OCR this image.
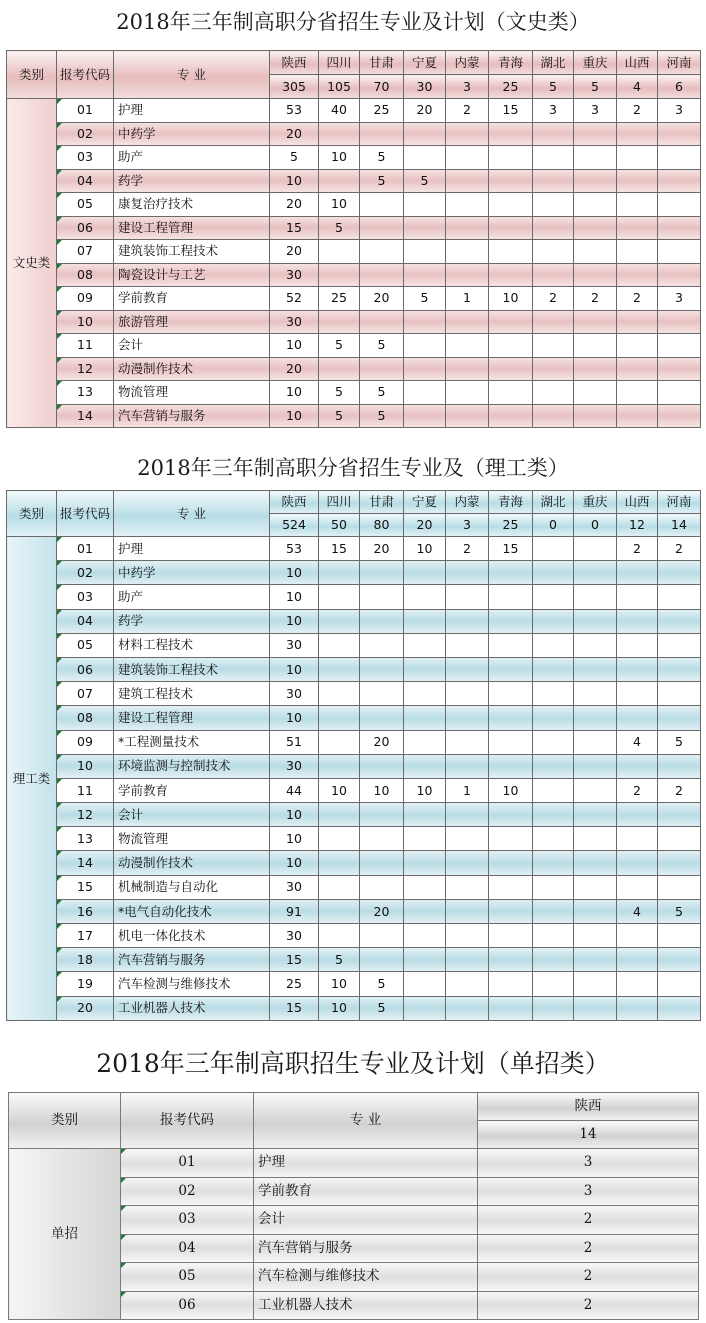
2018年三年制高职分省招生专业及计划（文史类）
类别	报考代码	专 业	陕西	四川	甘肃	宁夏	内蒙	青海	湖北	重庆	山西	河南
			305	105	70	30	3	25	5	5	4	6
文史类	01	护理	53	40	25	20	2	15	3	3	2	3
	02	中药学	20									
	03	助产	5	10	5							
	04	药学	10		5	5						
	05	康复治疗技术	20	10								
	06	建设工程管理	15	5								
	07	建筑装饰工程技术	20									
	08	陶瓷设计与工艺	30									
	09	学前教育	52	25	20	5	1	10	2	2	2	3
	10	旅游管理	30									
	11	会计	10	5	5							
	12	动漫制作技术	20									
	13	物流管理	10	5	5							
	14	汽车营销与服务	10	5	5							
2018年三年制高职分省招生专业及（理工类）
类别	报考代码	专 业	陕西	四川	甘肃	宁夏	内蒙	青海	湖北	重庆	山西	河南
			524	50	80	20	3	25	0	0	12	14
理工类	01	护理	53	15	20	10	2	15			2	2
	02	中药学	10									
	03	助产	10									
	04	药学	10									
	05	材料工程技术	30									
	06	建筑装饰工程技术	10									
	07	建筑工程技术	30									
	08	建设工程管理	10									
	09	*工程测量技术	51		20						4	5
	10	环境监测与控制技术	30									
	11	学前教育	44	10	10	10	1	10			2	2
	12	会计	10									
	13	物流管理	10									
	14	动漫制作技术	10									
	15	机械制造与自动化	30									
	16	*电气自动化技术	91		20						4	5
	17	机电一体化技术	30									
	18	汽车营销与服务	15	5								
	19	汽车检测与维修技术	25	10	5							
	20	工业机器人技术	15	10	5							
2018年三年制高职招生专业及计划（单招类）
类别	报考代码	专 业	陕西
			14
单招	01	护理	3
	02	学前教育	3
	03	会计	2
	04	汽车营销与服务	2
	05	汽车检测与维修技术	2
	06	工业机器人技术	2
